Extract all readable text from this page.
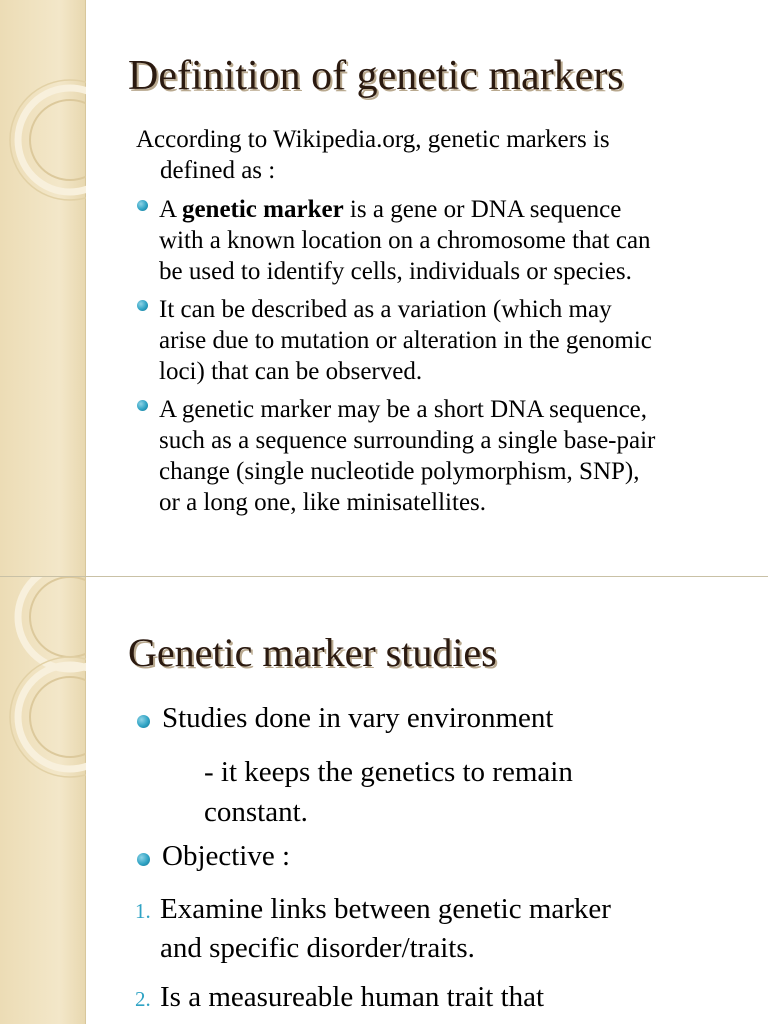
Definition of genetic markers

According to Wikipedia.org, genetic markers is
defined as :

A genetic marker is a gene or DNA sequence
with a known location on a chromosome that can
be used to identify cells, individuals or species.

It can be described as a variation (which may
arise due to mutation or alteration in the genomic
loci) that can be observed.

A genetic marker may be a short DNA sequence,
such as a sequence surrounding a single base-pair
change (single nucleotide polymorphism, SNP),
or a long one, like minisatellites.

Genetic marker studies

Studies done in vary environment

- it keeps the genetics to remain

constant.

Objective :

1. Examine links between genetic marker

and specific disorder/traits.

2. Is a measureable human trait that
